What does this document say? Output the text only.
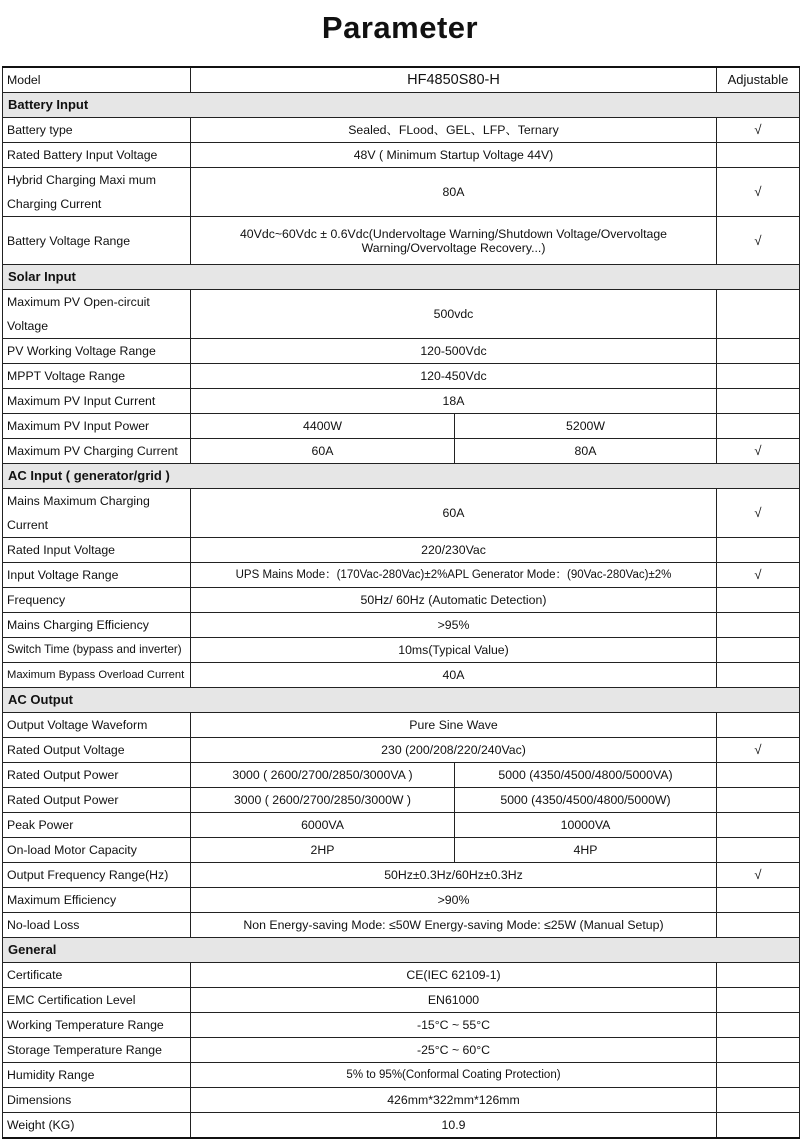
Parameter
Model	HF4850S80-H		Adjustable
Battery Input			
Battery type	Sealed、FLood、GEL、LFP、Ternary		√
Rated Battery Input Voltage	48V ( Minimum Startup Voltage 44V)		
Hybrid Charging Maxi mum Charging Current	80A		√
Battery Voltage Range	40Vdc~60Vdc ± 0.6Vdc(Undervoltage Warning/Shutdown Voltage/Overvoltage Warning/Overvoltage Recovery...)		√
Solar Input			
Maximum PV Open-circuit Voltage	500vdc		
PV Working Voltage Range	120-500Vdc		
MPPT Voltage Range	120-450Vdc		
Maximum PV Input Current	18A		
Maximum PV Input Power	4400W	5200W	
Maximum PV Charging Current	60A	80A	√
AC Input ( generator/grid )			
Mains Maximum Charging Current	60A		√
Rated Input Voltage	220/230Vac		
Input Voltage Range	UPS Mains Mode：(170Vac-280Vac)±2%APL Generator Mode：(90Vac-280Vac)±2%		√
Frequency	50Hz/ 60Hz (Automatic Detection)		
Mains Charging Efficiency	>95%		
Switch Time (bypass and inverter)	10ms(Typical Value)		
Maximum Bypass Overload Current	40A		
AC Output			
Output Voltage Waveform	Pure Sine Wave		
Rated Output Voltage	230 (200/208/220/240Vac)		√
Rated Output Power	3000 ( 2600/2700/2850/3000VA )	5000 (4350/4500/4800/5000VA)	
Rated Output Power	3000 ( 2600/2700/2850/3000W )	5000 (4350/4500/4800/5000W)	
Peak Power	6000VA	10000VA	
On-load Motor Capacity	2HP	4HP	
Output Frequency Range(Hz)	50Hz±0.3Hz/60Hz±0.3Hz		√
Maximum Efficiency	>90%		
No-load Loss	Non Energy-saving Mode: ≤50W Energy-saving Mode: ≤25W (Manual Setup)		
General			
Certificate	CE(IEC 62109-1)		
EMC Certification Level	EN61000		
Working Temperature Range	-15°C ~ 55°C		
Storage Temperature Range	-25°C ~ 60°C		
Humidity Range	5% to 95%(Conformal Coating Protection)		
Dimensions	426mm*322mm*126mm		
Weight (KG)	10.9		
